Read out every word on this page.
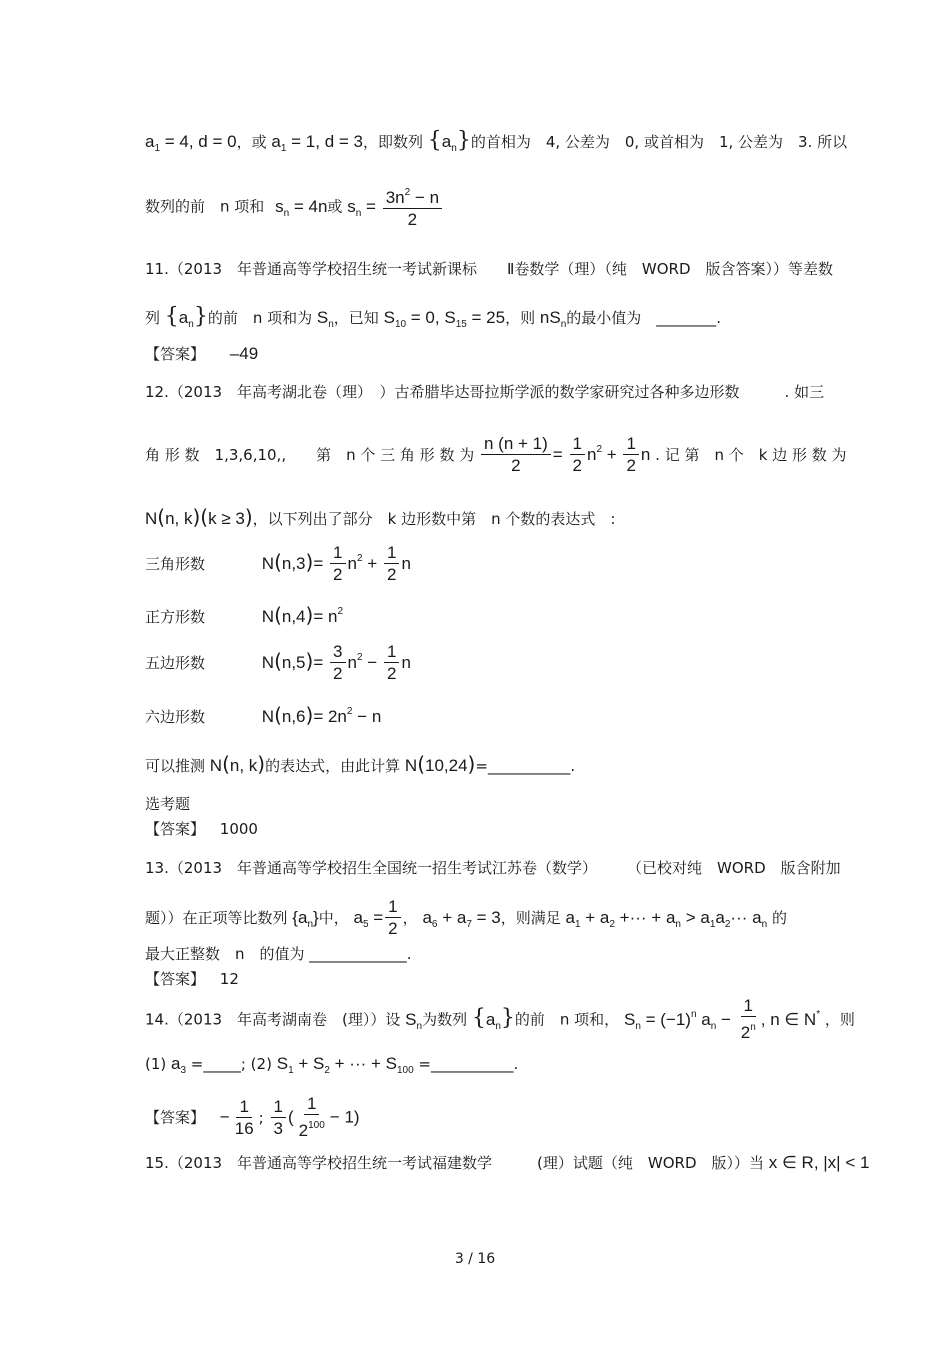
$a_1 = 4$, d = 0，或 $a_1 = 1$, d = 3，即数列 $\{a_n\}$的首相为　4, 公差为　0, 或首相为　1, 公差为　3. 所以
数列的前　n 项和 $s_n = 4n$或 $s_n = \frac{3n^2 - n}{2}$
11.（2013　年普通高等学校招生统一考试新课标　　Ⅱ卷数学（理）（纯　WORD　版含答案））等差数
列 $\{a_n\}$的前　n 项和为 $S_n$，已知 $S_{10} = 0$, $S_{15} = 25$，则 $nS_n$的最小值为　________.
【答案】 –49
12.（2013　年高考湖北卷（理）　）古希腊毕达哥拉斯学派的数学家研究过各种多边形数　　　. 如三
角 形 数　1,3,6,10,,　　第　n 个 三 角 形 数 为 $\frac{n (n + 1)}{2} = \frac{1}{2} n^2 + \frac{1}{2}$ n . 记 第　n 个　k 边 形 数 为
N(n, k)(k ≥ 3)，以下列出了部分　k 边形数中第　n 个数的表达式　:
三角形数	$N(n,3)= \frac{1}{2} n^2 + \frac{1}{2}$ n
正方形数	$N(n,4)= n^2$
五边形数	$N(n,5)= \frac{3}{2} n^2 - \frac{1}{2}$ n
六边形数	$N(n,6)= 2n^2 - n$
可以推测 N(n, k)的表达式，由此计算 N(10,24)=___________.
选考题
【答案】 1000
13.（2013　年普通高等学校招生全国统一招生考试江苏卷（数学）　　　（已校对纯　WORD　版含附加
题））在正项等比数列 $\{a_n\}$中， $a_5 = \frac{1}{2}$ ， $a_6 + a_7 = 3$，则满足 $a_1 + a_2$ +··· + $a_n > a_1a_2\cdot\cdot\cdot a_n$ 的
最大正整数　n　的值为 _____________.
【答案】 12
14.（2013　年高考湖南卷　(理））设 $S_n$为数列 $\{a_n\}$的前　n 项和， $S_n = (-1)^n$ $a_n - \frac{1}{2^n}$ , n ∈ N* ，则
(1) $a_3$ =_____; (2) $S_1 + S_2$ + ··· + $S_{100}$ =___________.
【答案】 − $\frac{1}{16}$ ; $\frac{1}{3}$ ( $\frac{1}{2^{100}} - 1$)
15.（2013　年普通高等学校招生统一考试福建数学　　　(理）试题（纯　WORD　版））当 x ∈ R, |x| < 1
3 / 16
